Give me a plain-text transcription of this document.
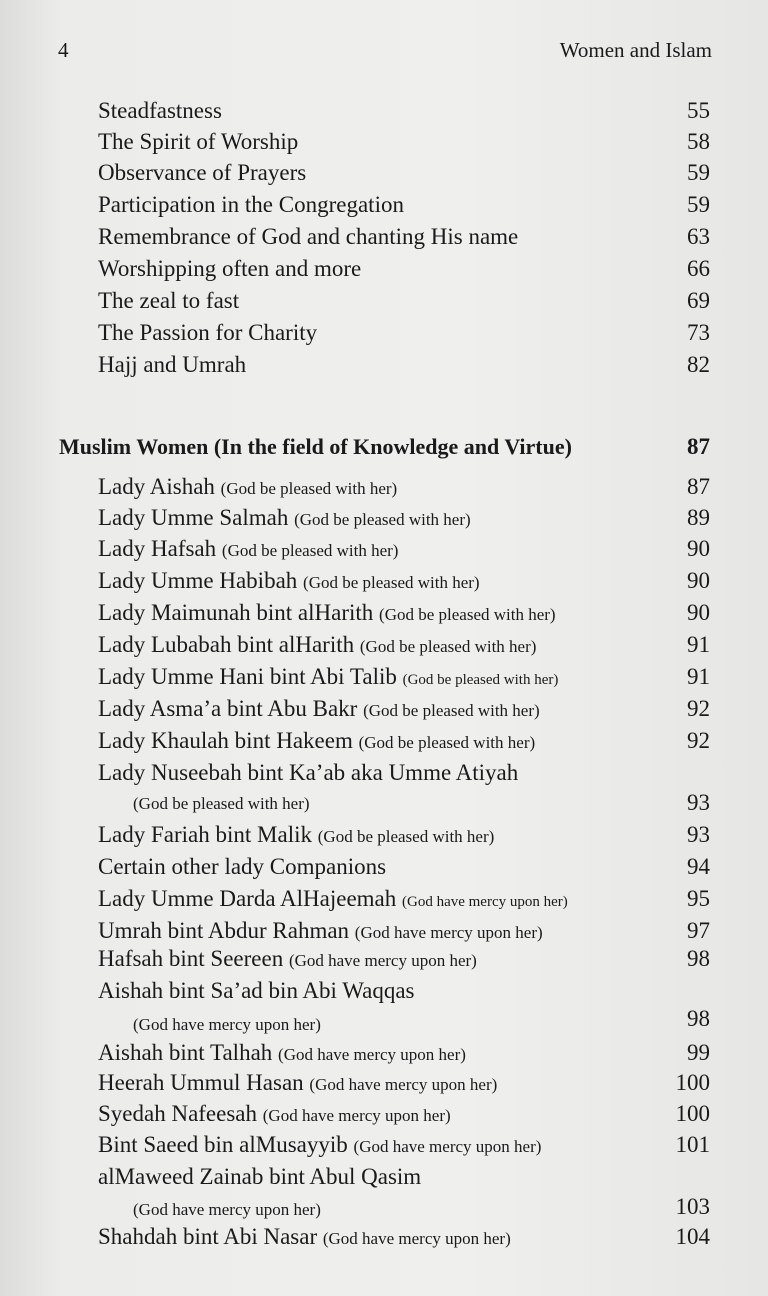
4	Women and Islam
Steadfastness	55
The Spirit of Worship	58
Observance of Prayers	59
Participation in the Congregation	59
Remembrance of God and chanting His name	63
Worshipping often and more	66
The zeal to fast	69
The Passion for Charity	73
Hajj and Umrah	82
Muslim Women (In the field of Knowledge and Virtue)	87
Lady Aishah (God be pleased with her)	87
Lady Umme Salmah (God be pleased with her)	89
Lady Hafsah (God be pleased with her)	90
Lady Umme Habibah (God be pleased with her)	90
Lady Maimunah bint alHarith (God be pleased with her)	90
Lady Lubabah bint alHarith (God be pleased with her)	91
Lady Umme Hani bint Abi Talib (God be pleased with her)	91
Lady Asma’a bint Abu Bakr (God be pleased with her)	92
Lady Khaulah bint Hakeem (God be pleased with her)	92
Lady Nuseebah bint Ka’ab aka Umme Atiyah
(God be pleased with her)	93
Lady Fariah bint Malik (God be pleased with her)	93
Certain other lady Companions	94
Lady Umme Darda AlHajeemah (God have mercy upon her)	95
Umrah bint Abdur Rahman (God have mercy upon her)	97
Hafsah bint Seereen (God have mercy upon her)	98
Aishah bint Sa’ad bin Abi Waqqas
(God have mercy upon her)	98
Aishah bint Talhah (God have mercy upon her)	99
Heerah Ummul Hasan (God have mercy upon her)	100
Syedah Nafeesah (God have mercy upon her)	100
Bint Saeed bin alMusayyib (God have mercy upon her)	101
alMaweed Zainab bint Abul Qasim
(God have mercy upon her)	103
Shahdah bint Abi Nasar (God have mercy upon her)	104
